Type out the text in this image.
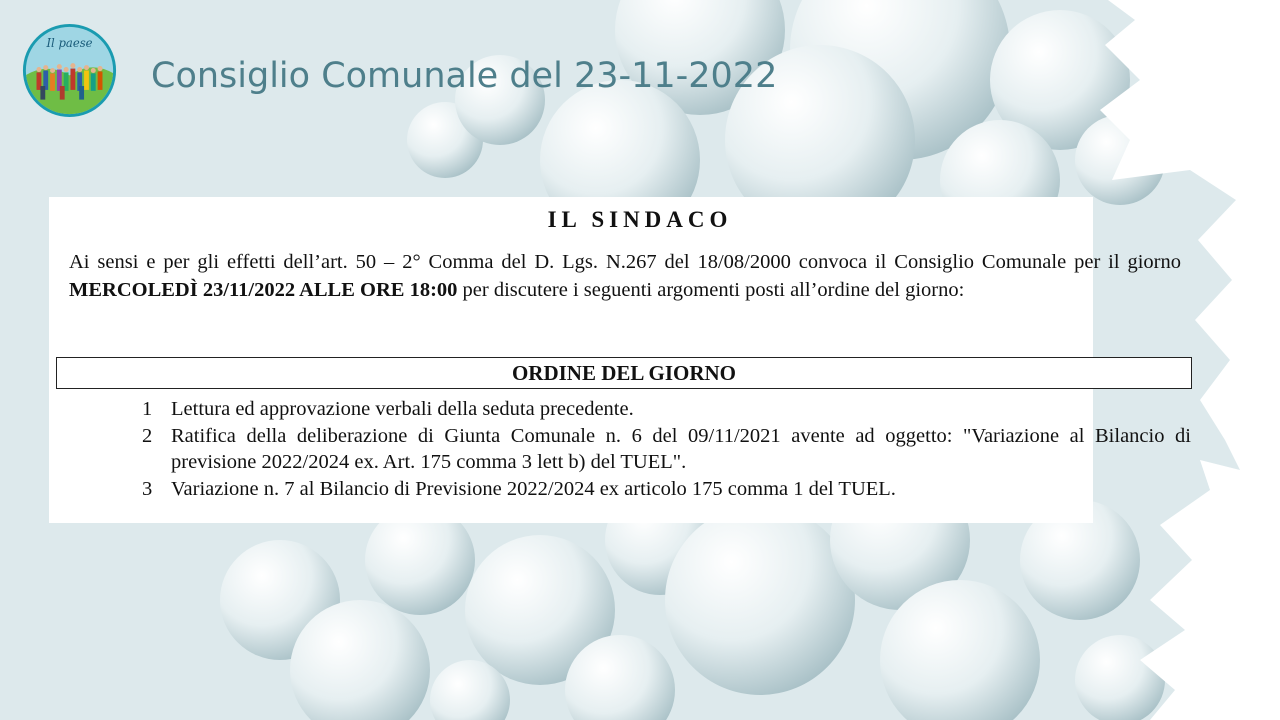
Il paese
Consiglio Comunale del 23-11-2022
IL SINDACO
Ai sensi e per gli effetti dell’art. 50 – 2° Comma del D. Lgs. N.267 del 18/08/2000 convoca il Consiglio Comunale per il giorno MERCOLEDÌ 23/11/2022 ALLE ORE 18:00 per discutere i seguenti argomenti posti all’ordine del giorno:
ORDINE DEL GIORNO
1 Lettura ed approvazione verbali della seduta precedente.
2 Ratifica della deliberazione di Giunta Comunale n. 6 del 09/11/2021 avente ad oggetto: "Variazione al Bilancio di previsione 2022/2024 ex. Art. 175 comma 3 lett b) del TUEL".
3 Variazione n. 7 al Bilancio di Previsione 2022/2024 ex articolo 175 comma 1 del TUEL.
